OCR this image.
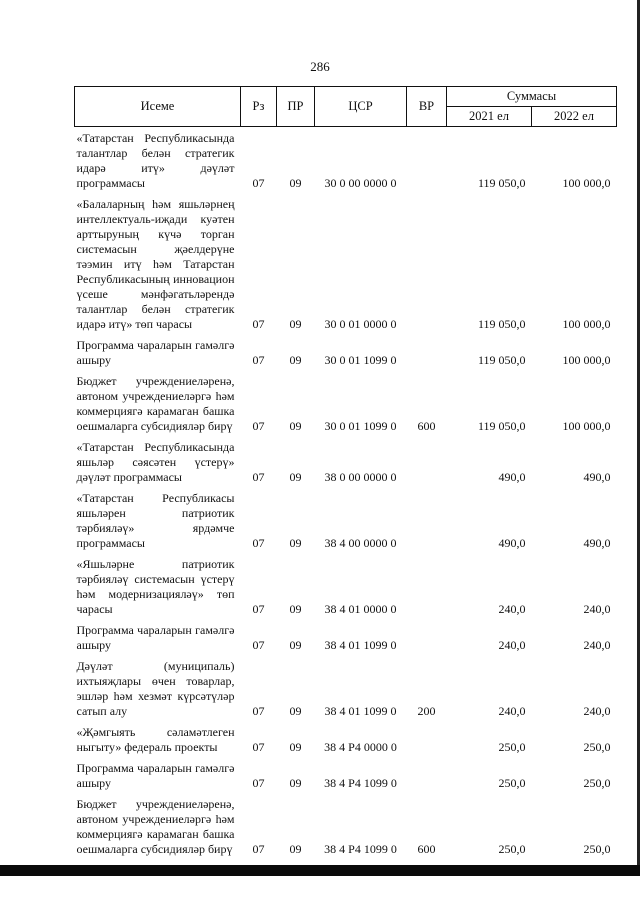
286
Исеме	Рз	ПР	ЦСР	ВР	Суммасы	
					2021 ел	2022 ел
«Татарстан Республикасында талантлар белән стратегик идарә итү» дәүләт программасы	07	09	30 0 00 0000 0		119 050,0	100 000,0
«Балаларның һәм яшьләрнең интеллектуаль-иҗади куәтен арттыруның күчә торган системасын җәелдерүне тәэмин итү һәм Татарстан Республикасының инновацион үсеше мәнфәгатьләрендә талантлар белән стратегик идарә итү» төп чарасы	07	09	30 0 01 0000 0		119 050,0	100 000,0
Программа чараларын гамәлгә ашыру	07	09	30 0 01 1099 0		119 050,0	100 000,0
Бюджет учреждениеләренә, автоном учреждениеләргә һәм коммерциягә карамаган башка оешмаларга субсидияләр бирү	07	09	30 0 01 1099 0	600	119 050,0	100 000,0
«Татарстан Республикасында яшьләр сәясәтен үстерү» дәүләт программасы	07	09	38 0 00 0000 0		490,0	490,0
«Татарстан Республикасы яшьләрен патриотик тәрбияләү» ярдәмче программасы	07	09	38 4 00 0000 0		490,0	490,0
«Яшьләрне патриотик тәрбияләү системасын үстерү һәм модернизацияләү» төп чарасы	07	09	38 4 01 0000 0		240,0	240,0
Программа чараларын гамәлгә ашыру	07	09	38 4 01 1099 0		240,0	240,0
Дәүләт (муниципаль) ихтыяҗлары өчен товарлар, эшләр һәм хезмәт күрсәтүләр сатып алу	07	09	38 4 01 1099 0	200	240,0	240,0
«Җәмгыять сәламәтлеген ныгыту» федераль проекты	07	09	38 4 P4 0000 0		250,0	250,0
Программа чараларын гамәлгә ашыру	07	09	38 4 P4 1099 0		250,0	250,0
Бюджет учреждениеләренә, автоном учреждениеләргә һәм коммерциягә карамаган башка оешмаларга субсидияләр бирү	07	09	38 4 P4 1099 0	600	250,0	250,0
